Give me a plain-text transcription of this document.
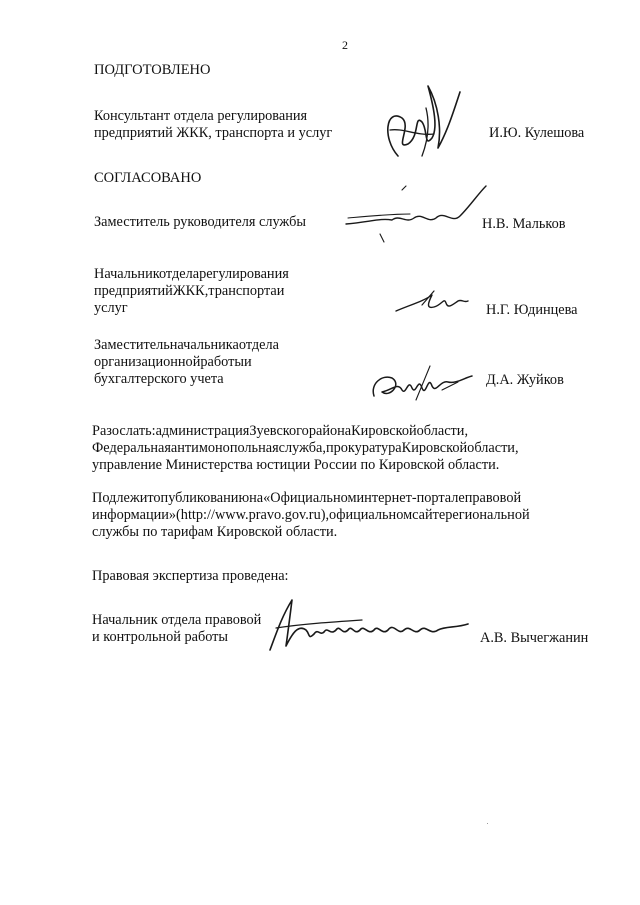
2
ПОДГОТОВЛЕНО
Консультант отдела регулирования
предприятий ЖКК, транспорта и услуг	И.Ю. Кулешова
СОГЛАСОВАНО
Заместитель руководителя службы	Н.В. Мальков
Начальникотделарегулирования
предприятийЖКК,транспортаи
услуг	Н.Г. Юдинцева
Заместительначальникаотдела
организационнойработыи
бухгалтерского учета	Д.А. Жуйков
Разослать:администрацияЗуевскогорайонаКировскойобласти,
Федеральнаяантимонопольнаяслужба,прокуратураКировскойобласти,
управление Министерства юстиции России по Кировской области.
Подлежитопубликованиюна«Официальноминтернет-порталеправовой
информации»(http://www.pravo.gov.ru),официальномсайтерегиональной
службы по тарифам Кировской области.
Правовая экспертиза проведена:
Начальник отдела правовой
и контрольной работы	А.В. Вычегжанин
